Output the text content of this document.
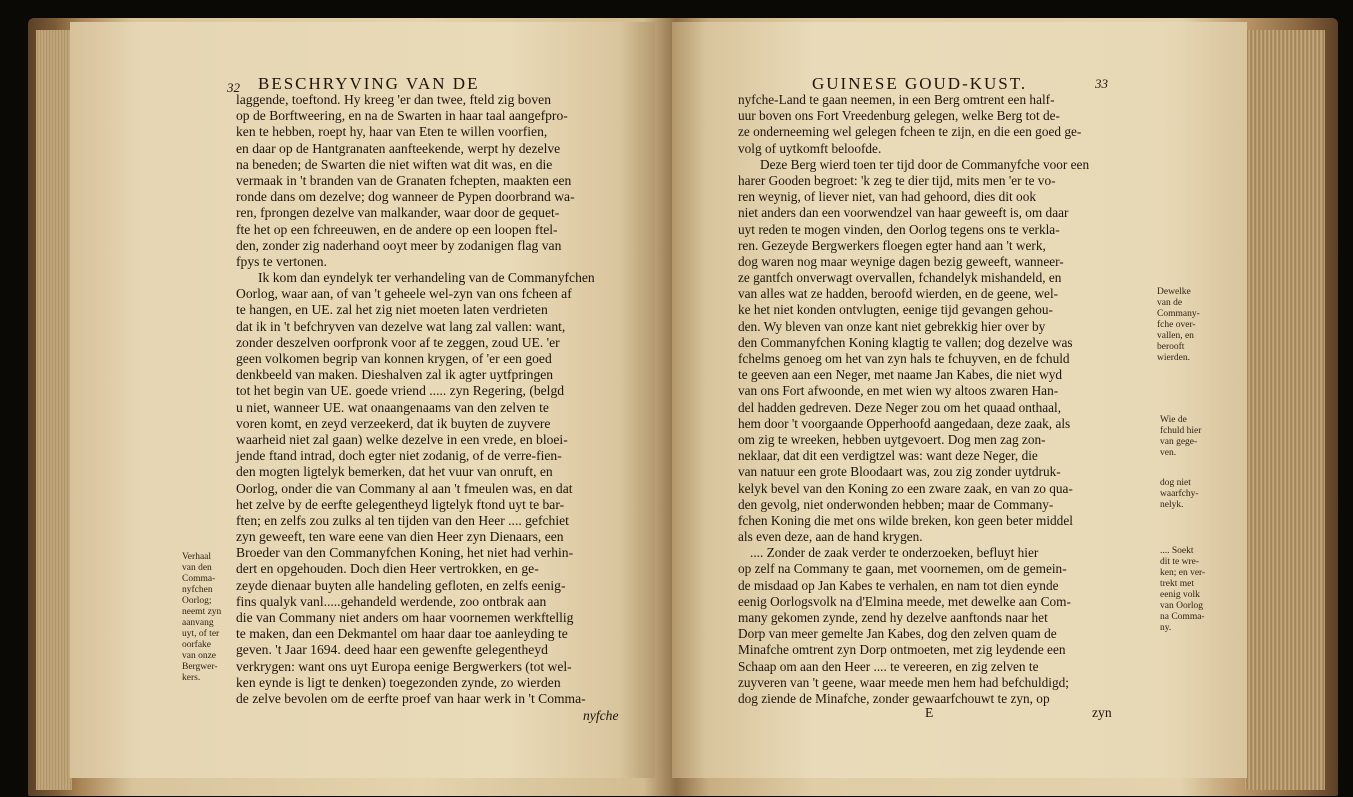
32 BESCHRYVING VAN DE
laggende, toeftond. Hy kreeg 'er dan twee, fteld zig boven
op de Borftweering, en na de Swarten in haar taal aangefpro-
ken te hebben, roept hy, haar van Eten te willen voorfien,
en daar op de Hantgranaten aanfteekende, werpt hy dezelve
na beneden; de Swarten die niet wiften wat dit was, en die
vermaak in 't branden van de Granaten fchepten, maakten een
ronde dans om dezelve; dog wanneer de Pypen doorbrand wa-
ren, fprongen dezelve van malkander, waar door de gequet-
fte het op een fchreeuwen, en de andere op een loopen ftel-
den, zonder zig naderhand ooyt meer by zodanigen flag van
fpys te vertonen.
Ik kom dan eyndelyk ter verhandeling van de Commanyfchen
Oorlog, waar aan, of van 't geheele wel-zyn van ons fcheen af
te hangen, en UE. zal het zig niet moeten laten verdrieten
dat ik in 't befchryven van dezelve wat lang zal vallen: want,
zonder deszelven oorfpronk voor af te zeggen, zoud UE. 'er
geen volkomen begrip van konnen krygen, of 'er een goed
denkbeeld van maken. Dieshalven zal ik agter uytfpringen
tot het begin van UE. goede vriend ..... zyn Regering, (belgd
u niet, wanneer UE. wat onaangenaams van den zelven te
voren komt, en zeyd verzeekerd, dat ik buyten de zuyvere
waarheid niet zal gaan) welke dezelve in een vrede, en bloei-
jende ftand intrad, doch egter niet zodanig, of de verre-fien-
den mogten ligtelyk bemerken, dat het vuur van onruft, en
Oorlog, onder die van Commany al aan 't fmeulen was, en dat
het zelve by de eerfte gelegentheyd ligtelyk ftond uyt te bar-
ften; en zelfs zou zulks al ten tijden van den Heer .... gefchiet
zyn geweeft, ten ware eene van dien Heer zyn Dienaars, een
Broeder van den Commanyfchen Koning, het niet had verhin-
dert en opgehouden. Doch dien Heer vertrokken, en ge-
zeyde dienaar buyten alle handeling gefloten, en zelfs eenig-
fins qualyk vanl.....gehandeld werdende, zoo ontbrak aan
die van Commany niet anders om haar voornemen werkftellig
te maken, dan een Dekmantel om haar daar toe aanleyding te
geven. 't Jaar 1694. deed haar een gewenfte gelegentheyd
verkrygen: want ons uyt Europa eenige Bergwerkers (tot wel-
ken eynde is ligt te denken) toegezonden zynde, zo wierden
de zelve bevolen om de eerfte proef van haar werk in 't Comma-
nyfche
Verhaal
van den
Comma-
nyfchen
Oorlog;
neemt zyn
aanvang
uyt, of ter
oorfake
van onze
Bergwer-
kers.
GUINESE GOUD-KUST.	33
nyfche-Land te gaan neemen, in een Berg omtrent een half-
uur boven ons Fort Vreedenburg gelegen, welke Berg tot de-
ze onderneeming wel gelegen fcheen te zijn, en die een goed ge-
volg of uytkomft beloofde.
Deze Berg wierd toen ter tijd door de Commanyfche voor een
harer Gooden begroet: 'k zeg te dier tijd, mits men 'er te vo-
ren weynig, of liever niet, van had gehoord, dies dit ook
niet anders dan een voorwendzel van haar geweeft is, om daar
uyt reden te mogen vinden, den Oorlog tegens ons te verkla-
ren. Gezeyde Bergwerkers floegen egter hand aan 't werk,
dog waren nog maar weynige dagen bezig geweeft, wanneer-
ze gantfch onverwagt overvallen, fchandelyk mishandeld, en
van alles wat ze hadden, beroofd wierden, en de geene, wel-
ke het niet konden ontvlugten, eenige tijd gevangen gehou-
den. Wy bleven van onze kant niet gebrekkig hier over by
den Commanyfchen Koning klagtig te vallen; dog dezelve was
fchelms genoeg om het van zyn hals te fchuyven, en de fchuld
te geeven aan een Neger, met naame Jan Kabes, die niet wyd
van ons Fort afwoonde, en met wien wy altoos zwaren Han-
del hadden gedreven. Deze Neger zou om het quaad onthaal,
hem door 't voorgaande Opperhoofd aangedaan, deze zaak, als
om zig te wreeken, hebben uytgevoert. Dog men zag zon-
neklaar, dat dit een verdigtzel was: want deze Neger, die
van natuur een grote Bloodaart was, zou zig zonder uytdruk-
kelyk bevel van den Koning zo een zware zaak, en van zo qua-
den gevolg, niet onderwonden hebben; maar de Commany-
fchen Koning die met ons wilde breken, kon geen beter middel
als even deze, aan de hand krygen.
.... Zonder de zaak verder te onderzoeken, befluyt hier
op zelf na Commany te gaan, met voornemen, om de gemein-
de misdaad op Jan Kabes te verhalen, en nam tot dien eynde
eenig Oorlogsvolk na d'Elmina meede, met dewelke aan Com-
many gekomen zynde, zend hy dezelve aanftonds naar het
Dorp van meer gemelte Jan Kabes, dog den zelven quam de
Minafche omtrent zyn Dorp ontmoeten, met zig leydende een
Schaap om aan den Heer .... te vereeren, en zig zelven te
zuyveren van 't geene, waar meede men hem had befchuldigd;
dog ziende de Minafche, zonder gewaarfchouwt te zyn, op
E	zyn
Dewelke
van de
Commany-
fche over-
vallen, en
berooft
wierden.
Wie de
fchuld hier
van gege-
ven.
dog niet
waarfchy-
nelyk.
.... Soekt
dit te wre-
ken; en ver-
trekt met
eenig volk
van Oorlog
na Comma-
ny.
